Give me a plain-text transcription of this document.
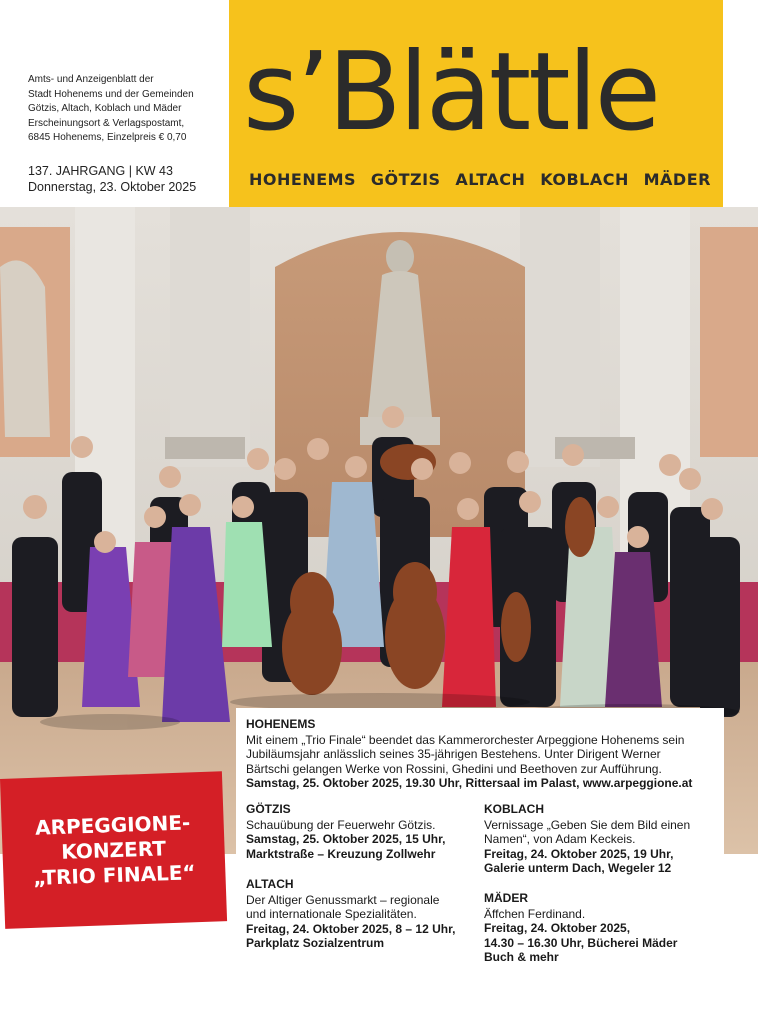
Amts- und Anzeigenblatt der
Stadt Hohenems und der Gemeinden
Götzis, Altach, Koblach und Mäder
Erscheinungsort & Verlagspostamt,
6845 Hohenems, Einzelpreis € 0,70
137. JAHRGANG | KW 43
Donnerstag, 23. Oktober 2025
s’Blättle
HOHENEMS GÖTZIS ALTACH KOBLACH MÄDER
ARPEGGIONE-
KONZERT
„TRIO FINALE“
HOHENEMS
Mit einem „Trio Finale“ beendet das Kammerorchester Arpeggione Hohenems sein
Jubiläumsjahr anlässlich seines 35-jährigen Bestehens. Unter Dirigent Werner
Bärtschi gelangen Werke von Rossini, Ghedini und Beethoven zur Aufführung.
Samstag, 25. Oktober 2025, 19.30 Uhr, Rittersaal im Palast, www.arpeggione.at
GÖTZIS
Schauübung der Feuerwehr Götzis.
Samstag, 25. Oktober 2025, 15 Uhr,
Marktstraße – Kreuzung Zollwehr
KOBLACH
Vernissage „Geben Sie dem Bild einen
Namen“, von Adam Keckeis.
Freitag, 24. Oktober 2025, 19 Uhr,
Galerie unterm Dach, Wegeler 12
ALTACH
Der Altiger Genussmarkt – regionale
und internationale Spezialitäten.
Freitag, 24. Oktober 2025, 8 – 12 Uhr,
Parkplatz Sozialzentrum
MÄDER
Äffchen Ferdinand.
Freitag, 24. Oktober 2025,
14.30 – 16.30 Uhr, Bücherei Mäder
Buch & mehr
